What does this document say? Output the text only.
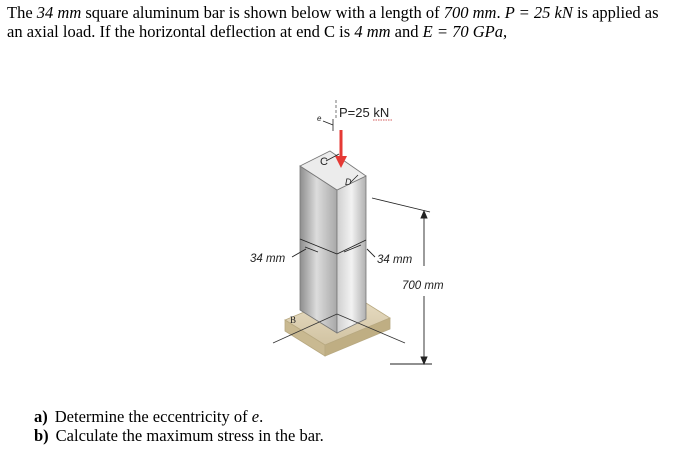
The 34 mm square aluminum bar is shown below with a length of 700 mm. P = 25 kN is applied as an axial load. If the horizontal deflection at end C is 4 mm and E = 70 GPa,
P=25 kN
e
C
D
B
34 mm	34 mm
700 mm
a) Determine the eccentricity of e.
b) Calculate the maximum stress in the bar.
